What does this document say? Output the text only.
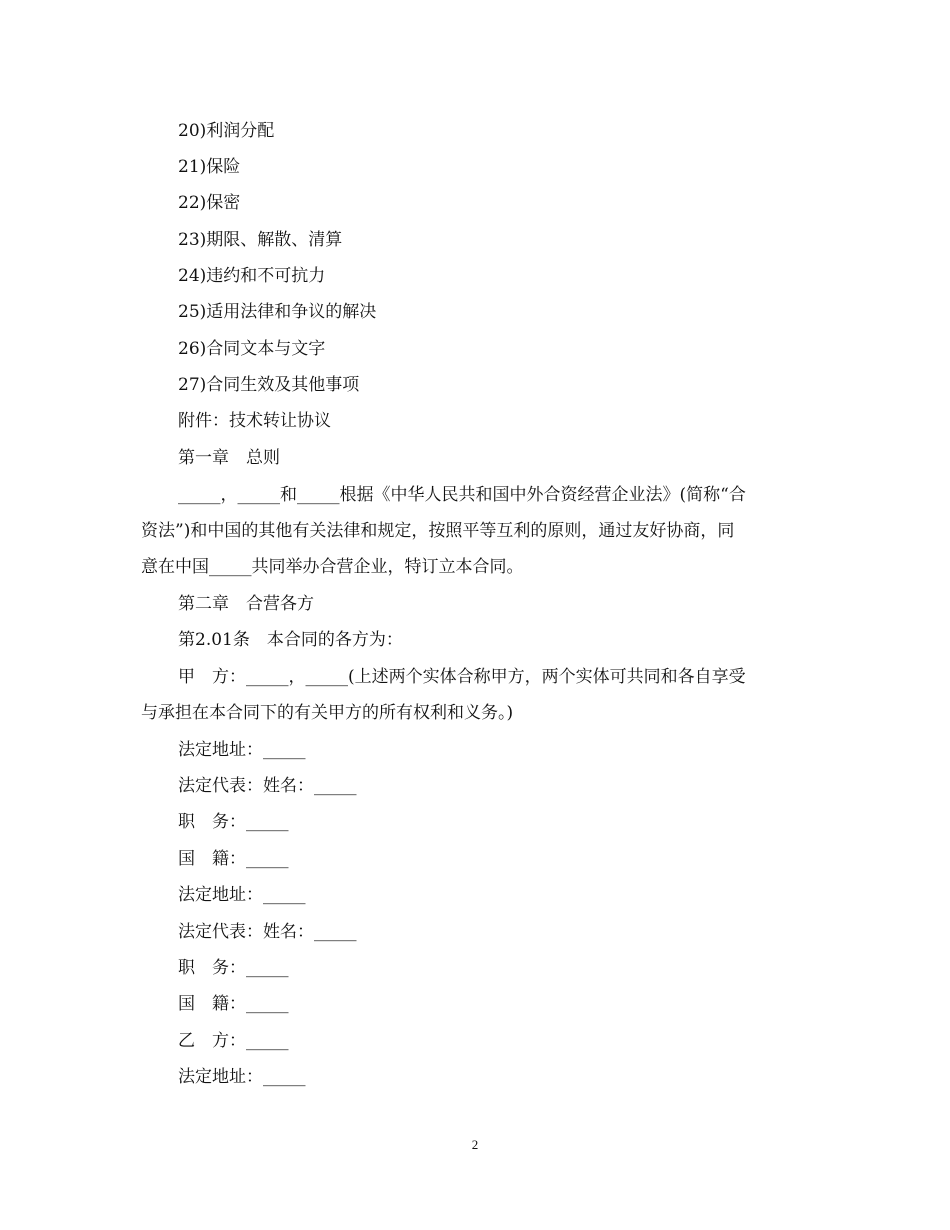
20)利润分配
21)保险
22)保密
23)期限、解散、清算
24)违约和不可抗力
25)适用法律和争议的解决
26)合同文本与文字
27)合同生效及其他事项
附件：技术转让协议
第一章　总则
_____，_____和_____根据《中华人民共和国中外合资经营企业法》(简称“合
资法”)和中国的其他有关法律和规定，按照平等互利的原则，通过友好协商，同
意在中国_____共同举办合营企业，特订立本合同。
第二章　合营各方
第2.01条　本合同的各方为：
甲　方：_____，_____(上述两个实体合称甲方，两个实体可共同和各自享受
与承担在本合同下的有关甲方的所有权利和义务。)
法定地址：_____
法定代表：姓名：_____
职　务：_____
国　籍：_____
法定地址：_____
法定代表：姓名：_____
职　务：_____
国　籍：_____
乙　方：_____
法定地址：_____
2
